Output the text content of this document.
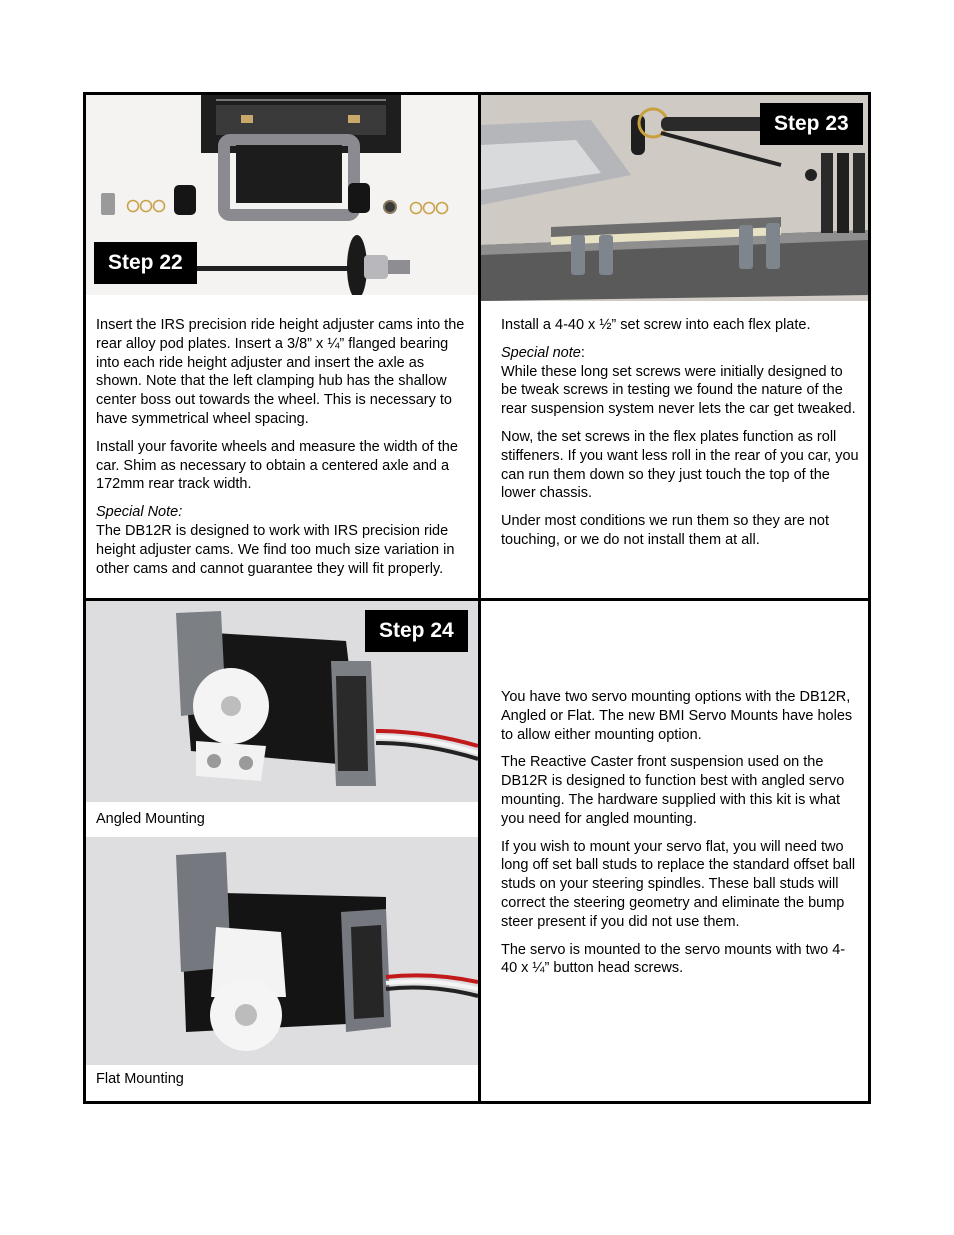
Step 22

Insert the IRS precision ride height adjuster cams into the rear alloy pod plates. Insert a 3/8” x ¼” flanged bearing into each ride height adjuster and insert the axle as shown. Note that the left clamping hub has the shallow center boss out towards the wheel. This is necessary to have symmetrical wheel spacing.

Install your favorite wheels and measure the width of the car. Shim as necessary to obtain a centered axle and a 172mm rear track width.

Special Note:
The DB12R is designed to work with IRS precision ride height adjuster cams. We find too much size variation in other cams and cannot guarantee they will fit properly.

Step 23

Install a 4-40 x ½” set screw into each flex plate.

Special note:
While these long set screws were initially designed to be tweak screws in testing we found the nature of the rear suspension system never lets the car get tweaked.

Now, the set screws in the flex plates function as roll stiffeners. If you want less roll in the rear of you car, you can run them down so they just touch the top of the lower chassis.

Under most conditions we run them so they are not touching, or we do not install them at all.

Step 24
Angled Mounting
Flat Mounting

You have two servo mounting options with the DB12R, Angled or Flat. The new BMI Servo Mounts have holes to allow either mounting option.

The Reactive Caster front suspension used on the DB12R is designed to function best with angled servo mounting. The hardware supplied with this kit is what you need for angled mounting.

If you wish to mount your servo flat, you will need two long off set ball studs to replace the standard offset ball studs on your steering spindles. These ball studs will correct the steering geometry and eliminate the bump steer present if you did not use them.

The servo is mounted to the servo mounts with two 4-40 x ¼” button head screws.
